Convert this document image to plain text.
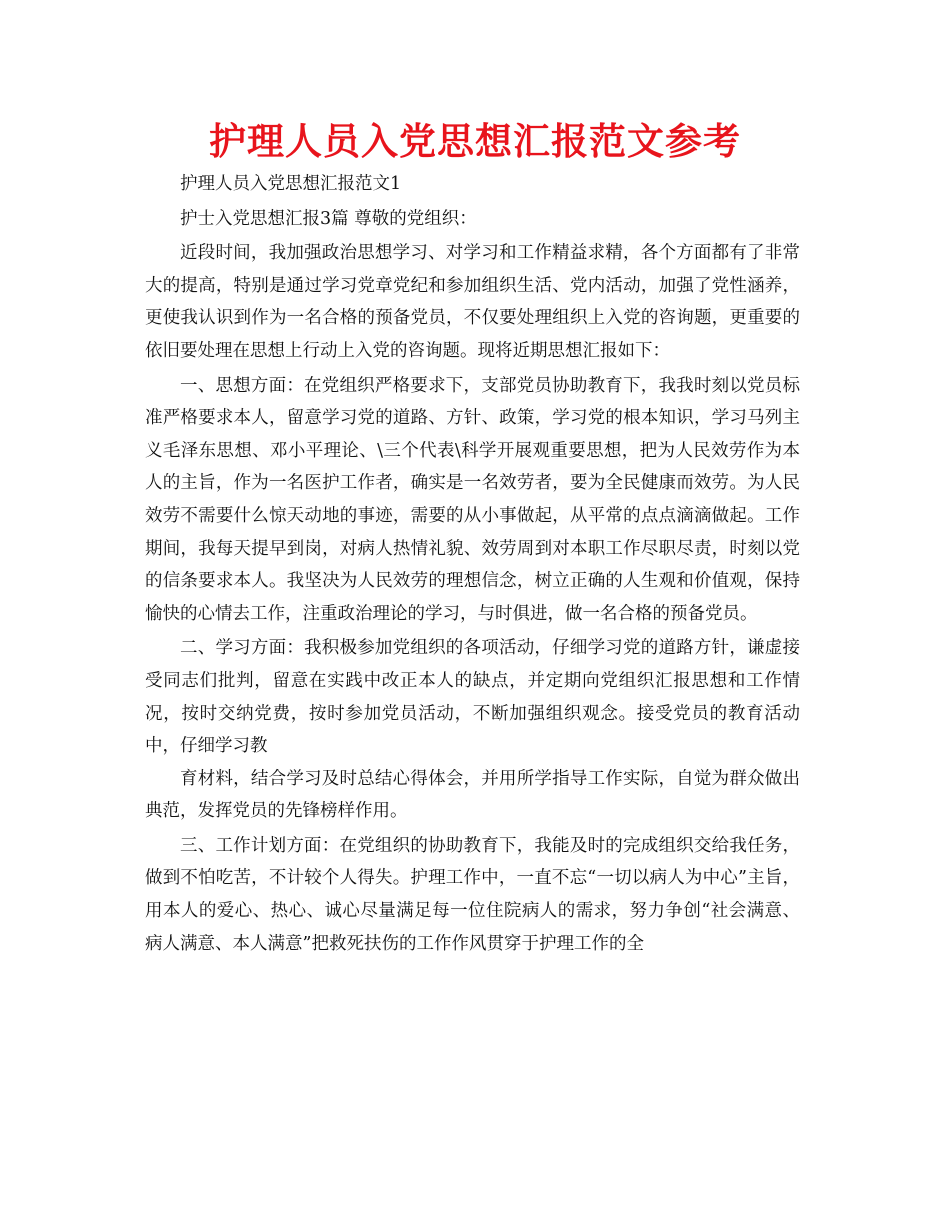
护理人员入党思想汇报范文参考

护理人员入党思想汇报范文1

护士入党思想汇报3篇 尊敬的党组织：

近段时间，我加强政治思想学习、对学习和工作精益求精，各个方面都有了非常大的提高，特别是通过学习党章党纪和参加组织生活、党内活动，加强了党性涵养，更使我认识到作为一名合格的预备党员，不仅要处理组织上入党的咨询题，更重要的依旧要处理在思想上行动上入党的咨询题。现将近期思想汇报如下：

一、思想方面：在党组织严格要求下，支部党员协助教育下，我我时刻以党员标准严格要求本人，留意学习党的道路、方针、政策，学习党的根本知识，学习马列主义毛泽东思想、邓小平理论、\三个代表\科学开展观重要思想，把为人民效劳作为本人的主旨，作为一名医护工作者，确实是一名效劳者，要为全民健康而效劳。为人民效劳不需要什么惊天动地的事迹，需要的从小事做起，从平常的点点滴滴做起。工作期间，我每天提早到岗，对病人热情礼貌、效劳周到对本职工作尽职尽责，时刻以党的信条要求本人。我坚决为人民效劳的理想信念，树立正确的人生观和价值观，保持愉快的心情去工作，注重政治理论的学习，与时俱进，做一名合格的预备党员。

二、学习方面：我积极参加党组织的各项活动，仔细学习党的道路方针，谦虚接受同志们批判，留意在实践中改正本人的缺点，并定期向党组织汇报思想和工作情况，按时交纳党费，按时参加党员活动，不断加强组织观念。接受党员的教育活动中，仔细学习教

育材料，结合学习及时总结心得体会，并用所学指导工作实际，自觉为群众做出典范，发挥党员的先锋榜样作用。

三、工作计划方面：在党组织的协助教育下，我能及时的完成组织交给我任务，做到不怕吃苦，不计较个人得失。护理工作中，一直不忘“一切以病人为中心”主旨，用本人的爱心、热心、诚心尽量满足每一位住院病人的需求，努力争创“社会满意、病人满意、本人满意”把救死扶伤的工作作风贯穿于护理工作的全
